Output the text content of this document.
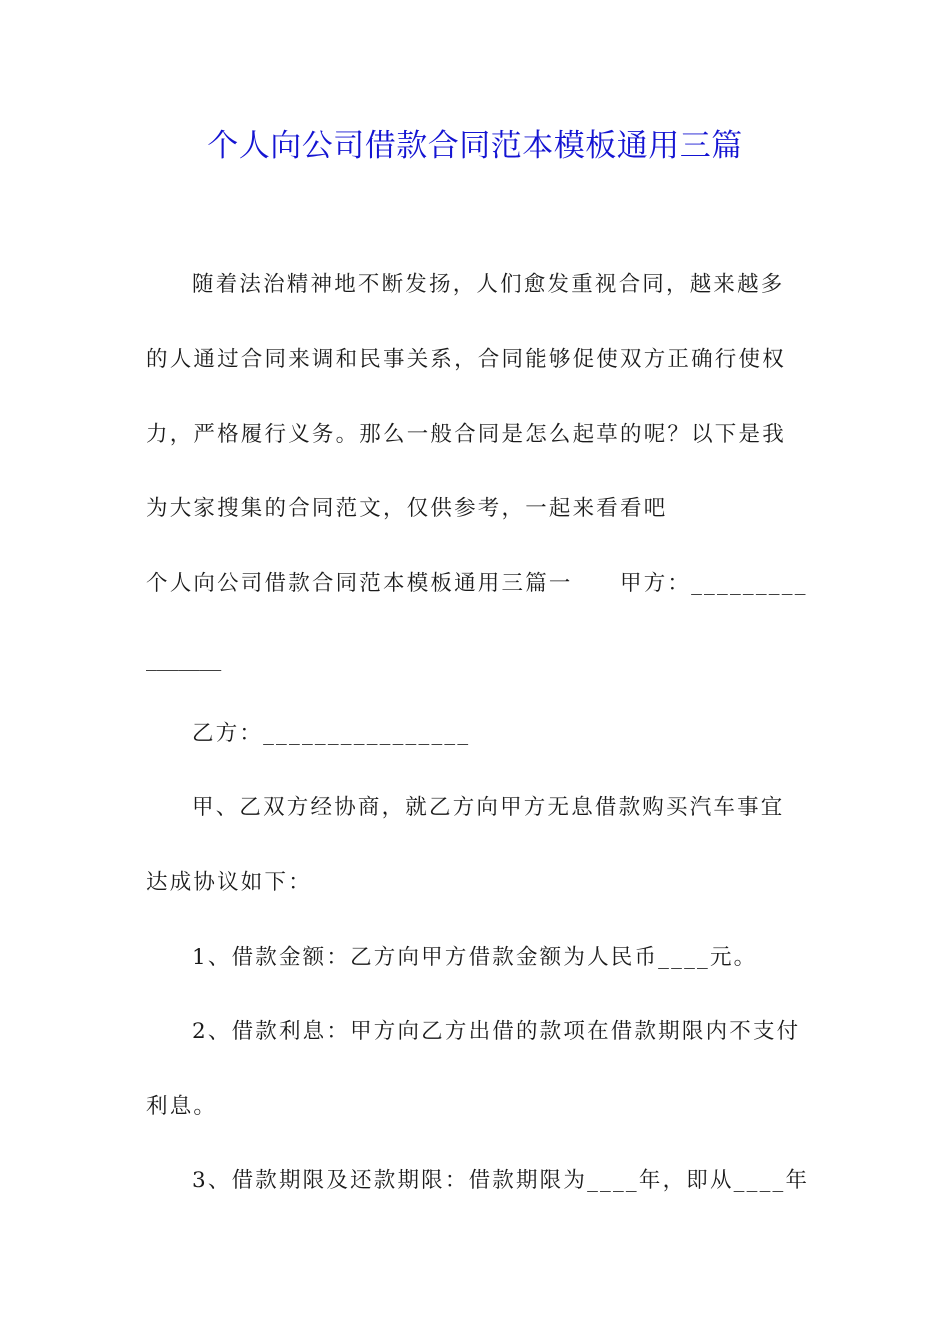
个人向公司借款合同范本模板通用三篇
随着法治精神地不断发扬，人们愈发重视合同，越来越多
的人通过合同来调和民事关系，合同能够促使双方正确行使权
力，严格履行义务。那么一般合同是怎么起草的呢？以下是我
为大家搜集的合同范文，仅供参考，一起来看看吧
个人向公司借款合同范本模板通用三篇一　　甲方：_________
_______
乙方：________________
甲、乙双方经协商，就乙方向甲方无息借款购买汽车事宜
达成协议如下：
1、借款金额：乙方向甲方借款金额为人民币____元。
2、借款利息：甲方向乙方出借的款项在借款期限内不支付
利息。
3、借款期限及还款期限：借款期限为____年，即从____年
